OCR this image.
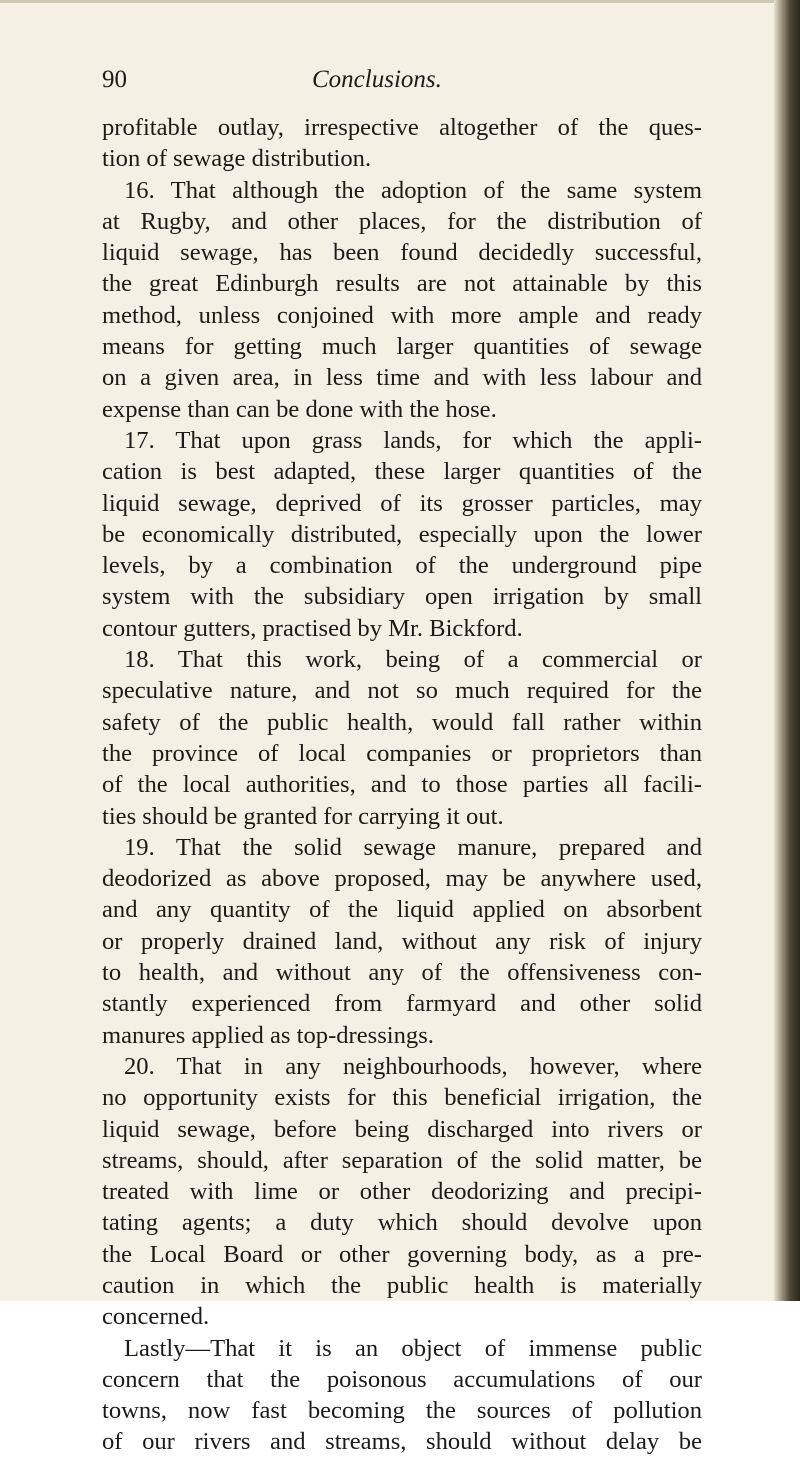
90	Conclusions.
profitable outlay, irrespective altogether of the ques-
tion of sewage distribution.
16. That although the adoption of the same system
at Rugby, and other places, for the distribution of
liquid sewage, has been found decidedly successful,
the great Edinburgh results are not attainable by this
method, unless conjoined with more ample and ready
means for getting much larger quantities of sewage
on a given area, in less time and with less labour and
expense than can be done with the hose.
17. That upon grass lands, for which the appli-
cation is best adapted, these larger quantities of the
liquid sewage, deprived of its grosser particles, may
be economically distributed, especially upon the lower
levels, by a combination of the underground pipe
system with the subsidiary open irrigation by small
contour gutters, practised by Mr. Bickford.
18. That this work, being of a commercial or
speculative nature, and not so much required for the
safety of the public health, would fall rather within
the province of local companies or proprietors than
of the local authorities, and to those parties all facili-
ties should be granted for carrying it out.
19. That the solid sewage manure, prepared and
deodorized as above proposed, may be anywhere used,
and any quantity of the liquid applied on absorbent
or properly drained land, without any risk of injury
to health, and without any of the offensiveness con-
stantly experienced from farmyard and other solid
manures applied as top-dressings.
20. That in any neighbourhoods, however, where
no opportunity exists for this beneficial irrigation, the
liquid sewage, before being discharged into rivers or
streams, should, after separation of the solid matter, be
treated with lime or other deodorizing and precipi-
tating agents; a duty which should devolve upon
the Local Board or other governing body, as a pre-
caution in which the public health is materially
concerned.
Lastly—That it is an object of immense public
concern that the poisonous accumulations of our
towns, now fast becoming the sources of pollution
of our rivers and streams, should without delay be
